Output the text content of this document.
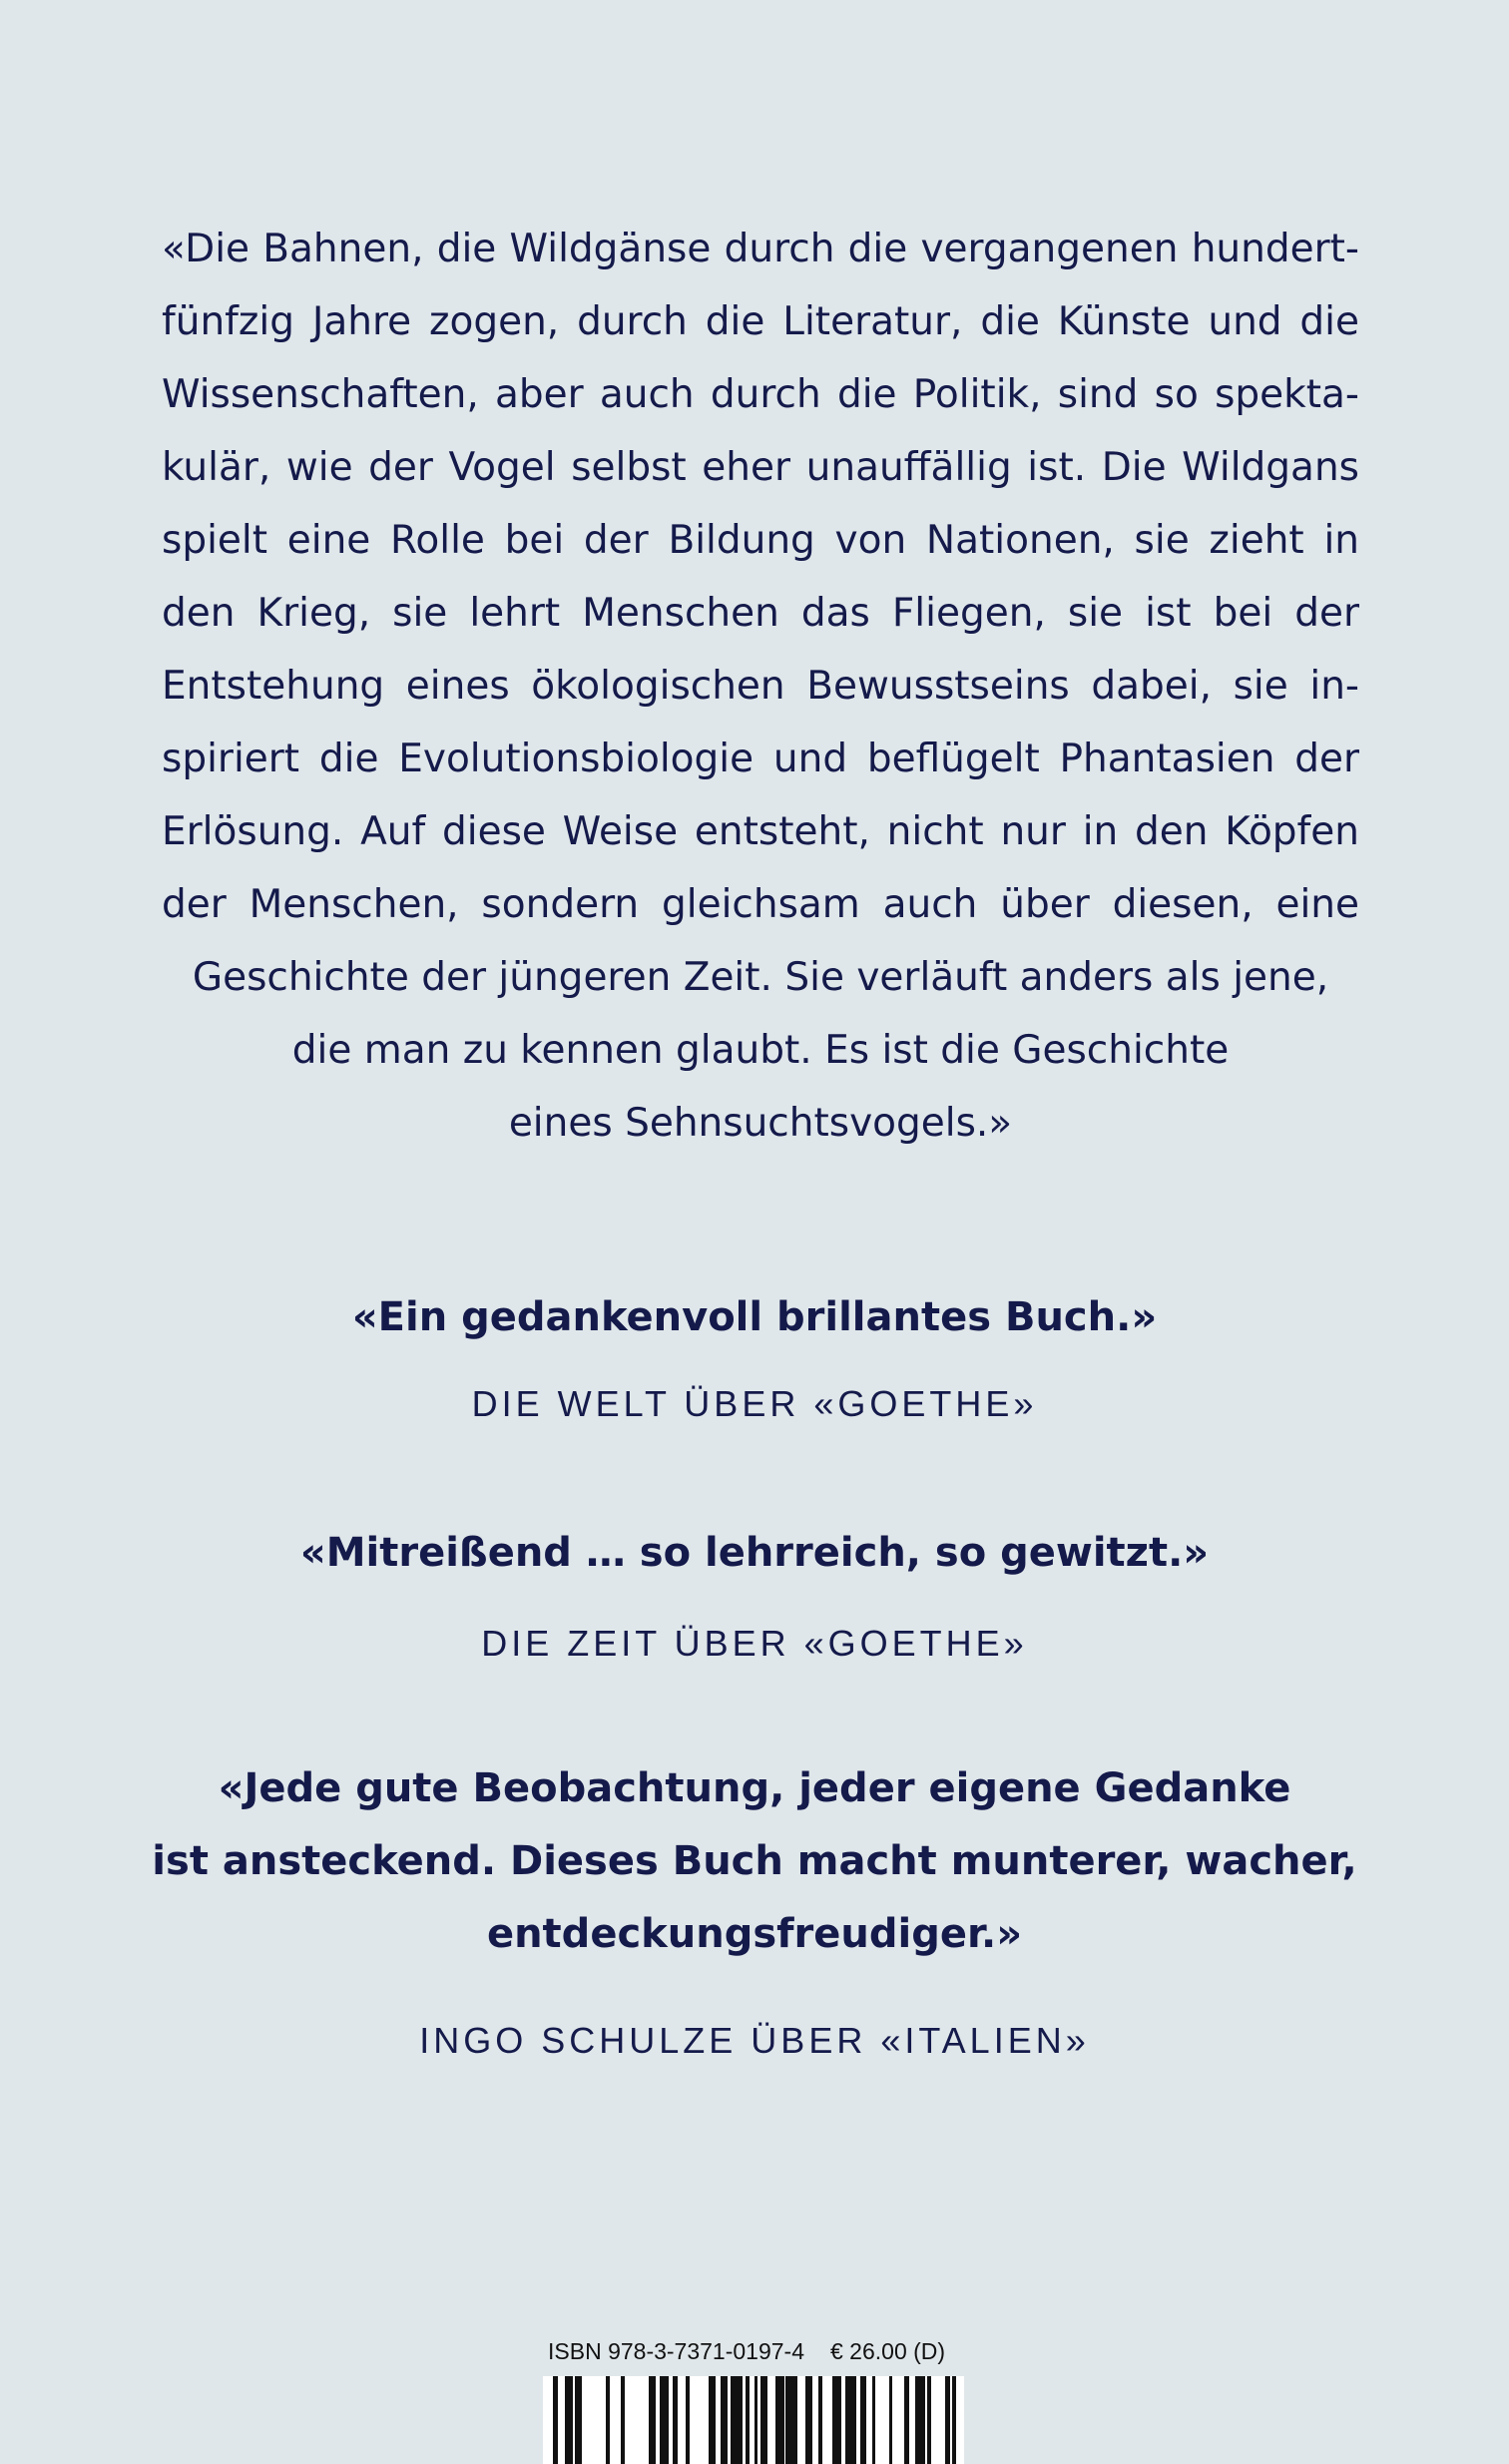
«Die Bahnen, die Wildgänse durch die vergangenen hundert-
fünfzig Jahre zogen, durch die Literatur, die Künste und die
Wissenschaften, aber auch durch die Politik, sind so spekta-
kulär, wie der Vogel selbst eher unauffällig ist. Die Wildgans
spielt eine Rolle bei der Bildung von Nationen, sie zieht in
den Krieg, sie lehrt Menschen das Fliegen, sie ist bei der
Entstehung eines ökologischen Bewusstseins dabei, sie in-
spiriert die Evolutionsbiologie und beflügelt Phantasien der
Erlösung. Auf diese Weise entsteht, nicht nur in den Köpfen
der Menschen, sondern gleichsam auch über diesen, eine
Geschichte der jüngeren Zeit. Sie verläuft anders als jene,
die man zu kennen glaubt. Es ist die Geschichte
eines Sehnsuchtsvogels.»
«Ein gedankenvoll brillantes Buch.»
DIE WELT ÜBER «GOETHE»
«Mitreißend … so lehrreich, so gewitzt.»
DIE ZEIT ÜBER «GOETHE»
«Jede gute Beobachtung, jeder eigene Gedanke
ist ansteckend. Dieses Buch macht munterer, wacher,
entdeckungsfreudiger.»
INGO SCHULZE ÜBER «ITALIEN»
ISBN 978-3-7371-0197-4 € 26.00 (D)
